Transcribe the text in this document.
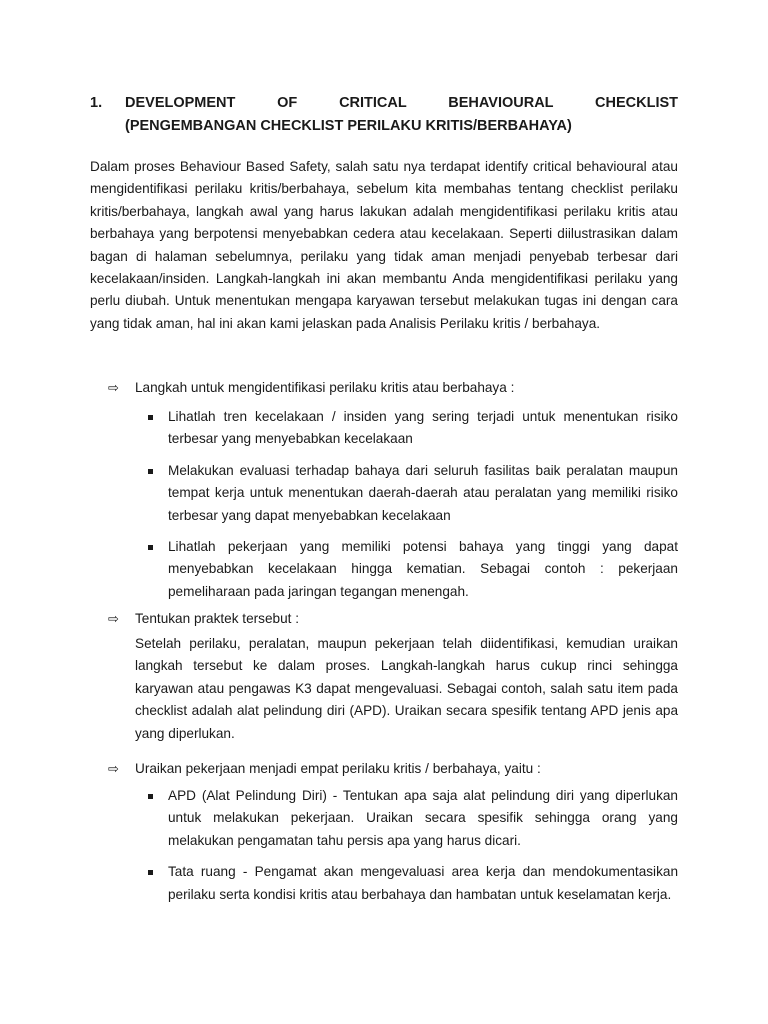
1. DEVELOPMENT	OF	CRITICAL	BEHAVIOURAL	CHECKLIST
(PENGEMBANGAN CHECKLIST PERILAKU KRITIS/BERBAHAYA)

Dalam proses Behaviour Based Safety, salah satu nya terdapat identify critical behavioural atau mengidentifikasi perilaku kritis/berbahaya, sebelum kita membahas tentang checklist perilaku kritis/berbahaya, langkah awal yang harus lakukan adalah mengidentifikasi perilaku kritis atau berbahaya yang berpotensi menyebabkan cedera atau kecelakaan. Seperti diilustrasikan dalam bagan di halaman sebelumnya, perilaku yang tidak aman menjadi penyebab terbesar dari kecelakaan/insiden. Langkah-langkah ini akan membantu Anda mengidentifikasi perilaku yang perlu diubah. Untuk menentukan mengapa karyawan tersebut melakukan tugas ini dengan cara yang tidak aman, hal ini akan kami jelaskan pada Analisis Perilaku kritis / berbahaya.

⇨ Langkah untuk mengidentifikasi perilaku kritis atau berbahaya :
Lihatlah tren kecelakaan / insiden yang sering terjadi untuk menentukan risiko terbesar yang menyebabkan kecelakaan
Melakukan evaluasi terhadap bahaya dari seluruh fasilitas baik peralatan maupun tempat kerja untuk menentukan daerah-daerah atau peralatan yang memiliki risiko terbesar yang dapat menyebabkan kecelakaan
Lihatlah pekerjaan yang memiliki potensi bahaya yang tinggi yang dapat menyebabkan kecelakaan hingga kematian. Sebagai contoh : pekerjaan pemeliharaan pada jaringan tegangan menengah.
⇨ Tentukan praktek tersebut :

Setelah perilaku, peralatan, maupun pekerjaan telah diidentifikasi, kemudian uraikan langkah tersebut ke dalam proses. Langkah-langkah harus cukup rinci sehingga karyawan atau pengawas K3 dapat mengevaluasi. Sebagai contoh, salah satu item pada checklist adalah alat pelindung diri (APD). Uraikan secara spesifik tentang APD jenis apa yang diperlukan.

⇨ Uraikan pekerjaan menjadi empat perilaku kritis / berbahaya, yaitu :
APD (Alat Pelindung Diri) - Tentukan apa saja alat pelindung diri yang diperlukan untuk melakukan pekerjaan. Uraikan secara spesifik sehingga orang yang melakukan pengamatan tahu persis apa yang harus dicari.
Tata ruang - Pengamat akan mengevaluasi area kerja dan mendokumentasikan perilaku serta kondisi kritis atau berbahaya dan hambatan untuk keselamatan kerja.
